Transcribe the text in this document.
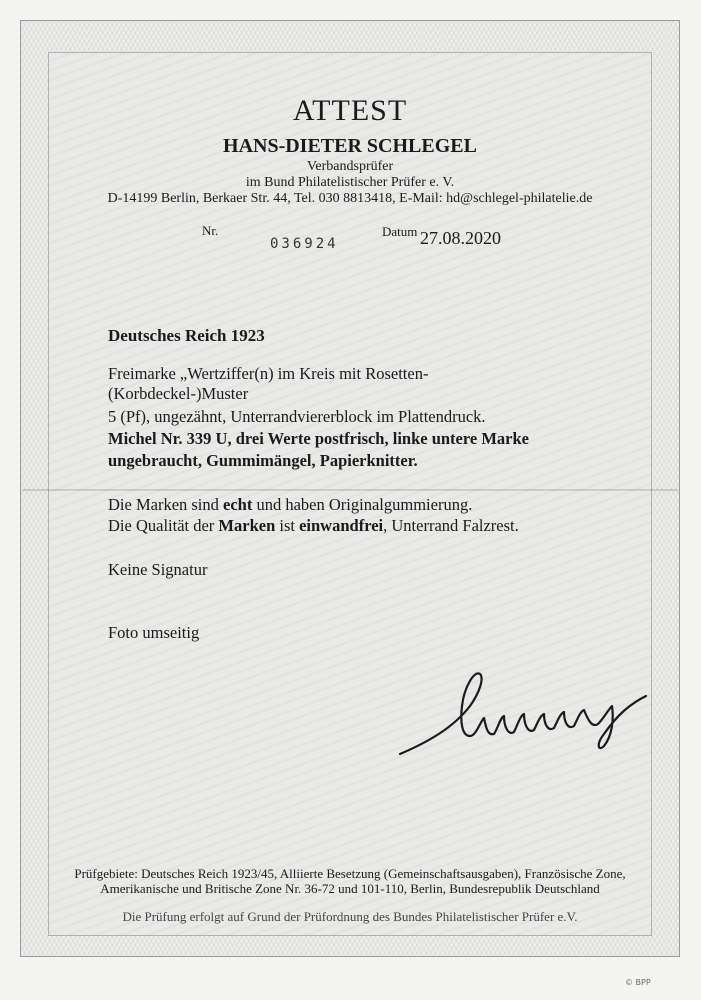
ATTEST
HANS-DIETER SCHLEGEL
Verbandsprüfer
im Bund Philatelistischer Prüfer e. V.
D-14199 Berlin, Berkaer Str. 44, Tel. 030 8813418, E-Mail: hd@schlegel-philatelie.de
Nr.
036924
Datum 27.08.2020
Deutsches Reich 1923
Freimarke „Wertziffer(n) im Kreis mit Rosetten-
(Korbdeckel-)Muster
5 (Pf), ungezähnt, Unterrandviererblock im Plattendruck.
Michel Nr. 339 U, drei Werte postfrisch, linke untere Marke
ungebraucht, Gummimängel, Papierknitter.
Die Marken sind echt und haben Originalgummierung.
Die Qualität der Marken ist einwandfrei, Unterrand Falzrest.
Keine Signatur
Foto umseitig
Prüfgebiete: Deutsches Reich 1923/45, Alliierte Besetzung (Gemeinschaftsausgaben), Französische Zone,
Amerikanische und Britische Zone Nr. 36-72 und 101-110, Berlin, Bundesrepublik Deutschland
Die Prüfung erfolgt auf Grund der Prüfordnung des Bundes Philatelistischer Prüfer e.V.
© BPP
